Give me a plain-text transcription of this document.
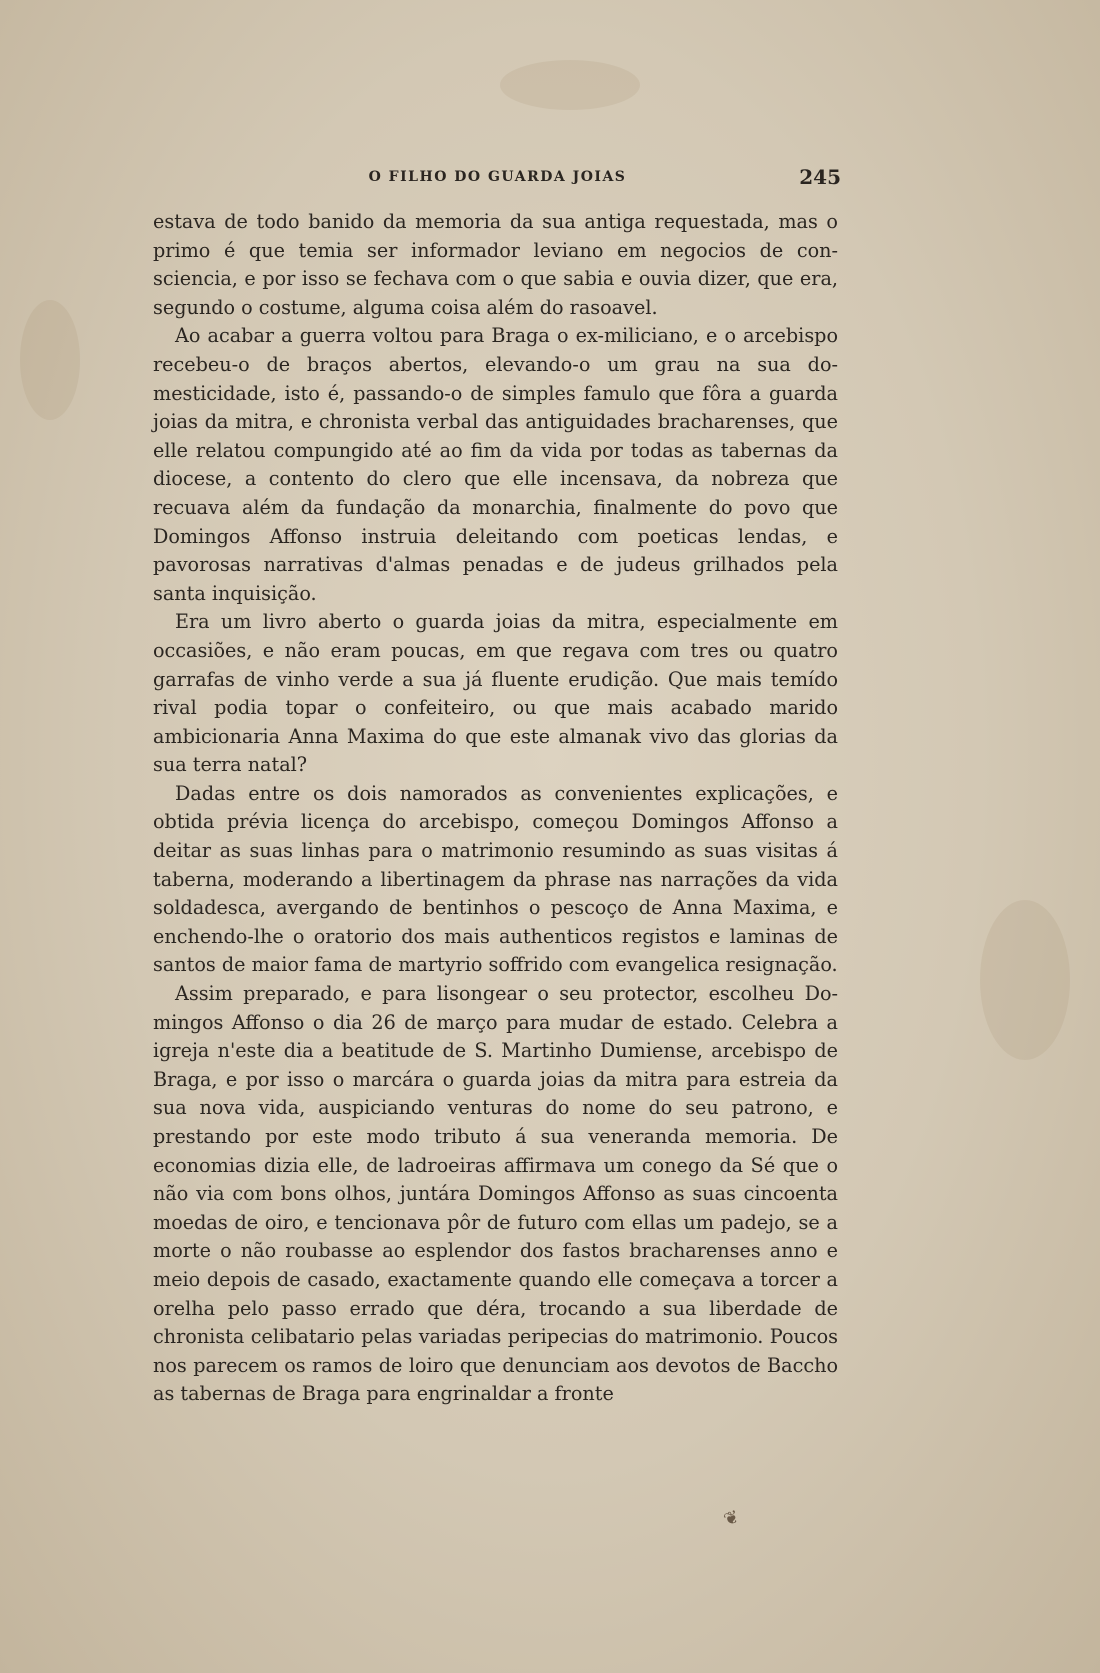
O FILHO DO GUARDA JOIAS	245

estava de todo banido da memoria da sua antiga requestada, mas o primo é que temia ser informador leviano em negocios de consciencia, e por isso se fechava com o que sabia e ouvia dizer, que era, segundo o costume, alguma coisa além do rasoavel.

Ao acabar a guerra voltou para Braga o ex-miliciano, e o arcebispo recebeu-o de braços abertos, elevando-o um grau na sua domesticidade, isto é, passando-o de simples famulo que fôra a guarda joias da mitra, e chronista verbal das antiguidades bracharenses, que elle relatou compungido até ao fim da vida por todas as tabernas da diocese, a contento do clero que elle incensava, da nobreza que recuava além da fundação da monarchia, finalmente do povo que Domingos Affonso instruia deleitando com poeticas lendas, e pavorosas narrativas d'almas penadas e de judeus grilhados pela santa inquisição.

Era um livro aberto o guarda joias da mitra, especialmente em occasiões, e não eram poucas, em que regava com tres ou quatro garrafas de vinho verde a sua já fluente erudição. Que mais temído rival podia topar o confeiteiro, ou que mais acabado marido ambicionaria Anna Maxima do que este almanak vivo das glorias da sua terra natal?

Dadas entre os dois namorados as convenientes explicações, e obtida prévia licença do arcebispo, começou Domingos Affonso a deitar as suas linhas para o matrimonio resumindo as suas visitas á taberna, moderando a libertinagem da phrase nas narrações da vida soldadesca, avergando de bentinhos o pescoço de Anna Maxima, e enchendo-lhe o oratorio dos mais authenticos registos e laminas de santos de maior fama de martyrio soffrido com evangelica resignação.

Assim preparado, e para lisongear o seu protector, escolheu Domingos Affonso o dia 26 de março para mudar de estado. Celebra a igreja n'este dia a beatitude de S. Martinho Dumiense, arcebispo de Braga, e por isso o marcára o guarda joias da mitra para estreia da sua nova vida, auspiciando venturas do nome do seu patrono, e prestando por este modo tributo á sua veneranda memoria. De economias dizia elle, de ladroeiras affirmava um conego da Sé que o não via com bons olhos, juntára Domingos Affonso as suas cincoenta moedas de oiro, e tencionava pôr de futuro com ellas um padejo, se a morte o não roubasse ao esplendor dos fastos bracharenses anno e meio depois de casado, exactamente quando elle começava a torcer a orelha pelo passo errado que déra, trocando a sua liberdade de chronista celibatario pelas variadas peripecias do matrimonio. Poucos nos parecem os ramos de loiro que denunciam aos devotos de Baccho as tabernas de Braga para engrinaldar a fronte

❦
